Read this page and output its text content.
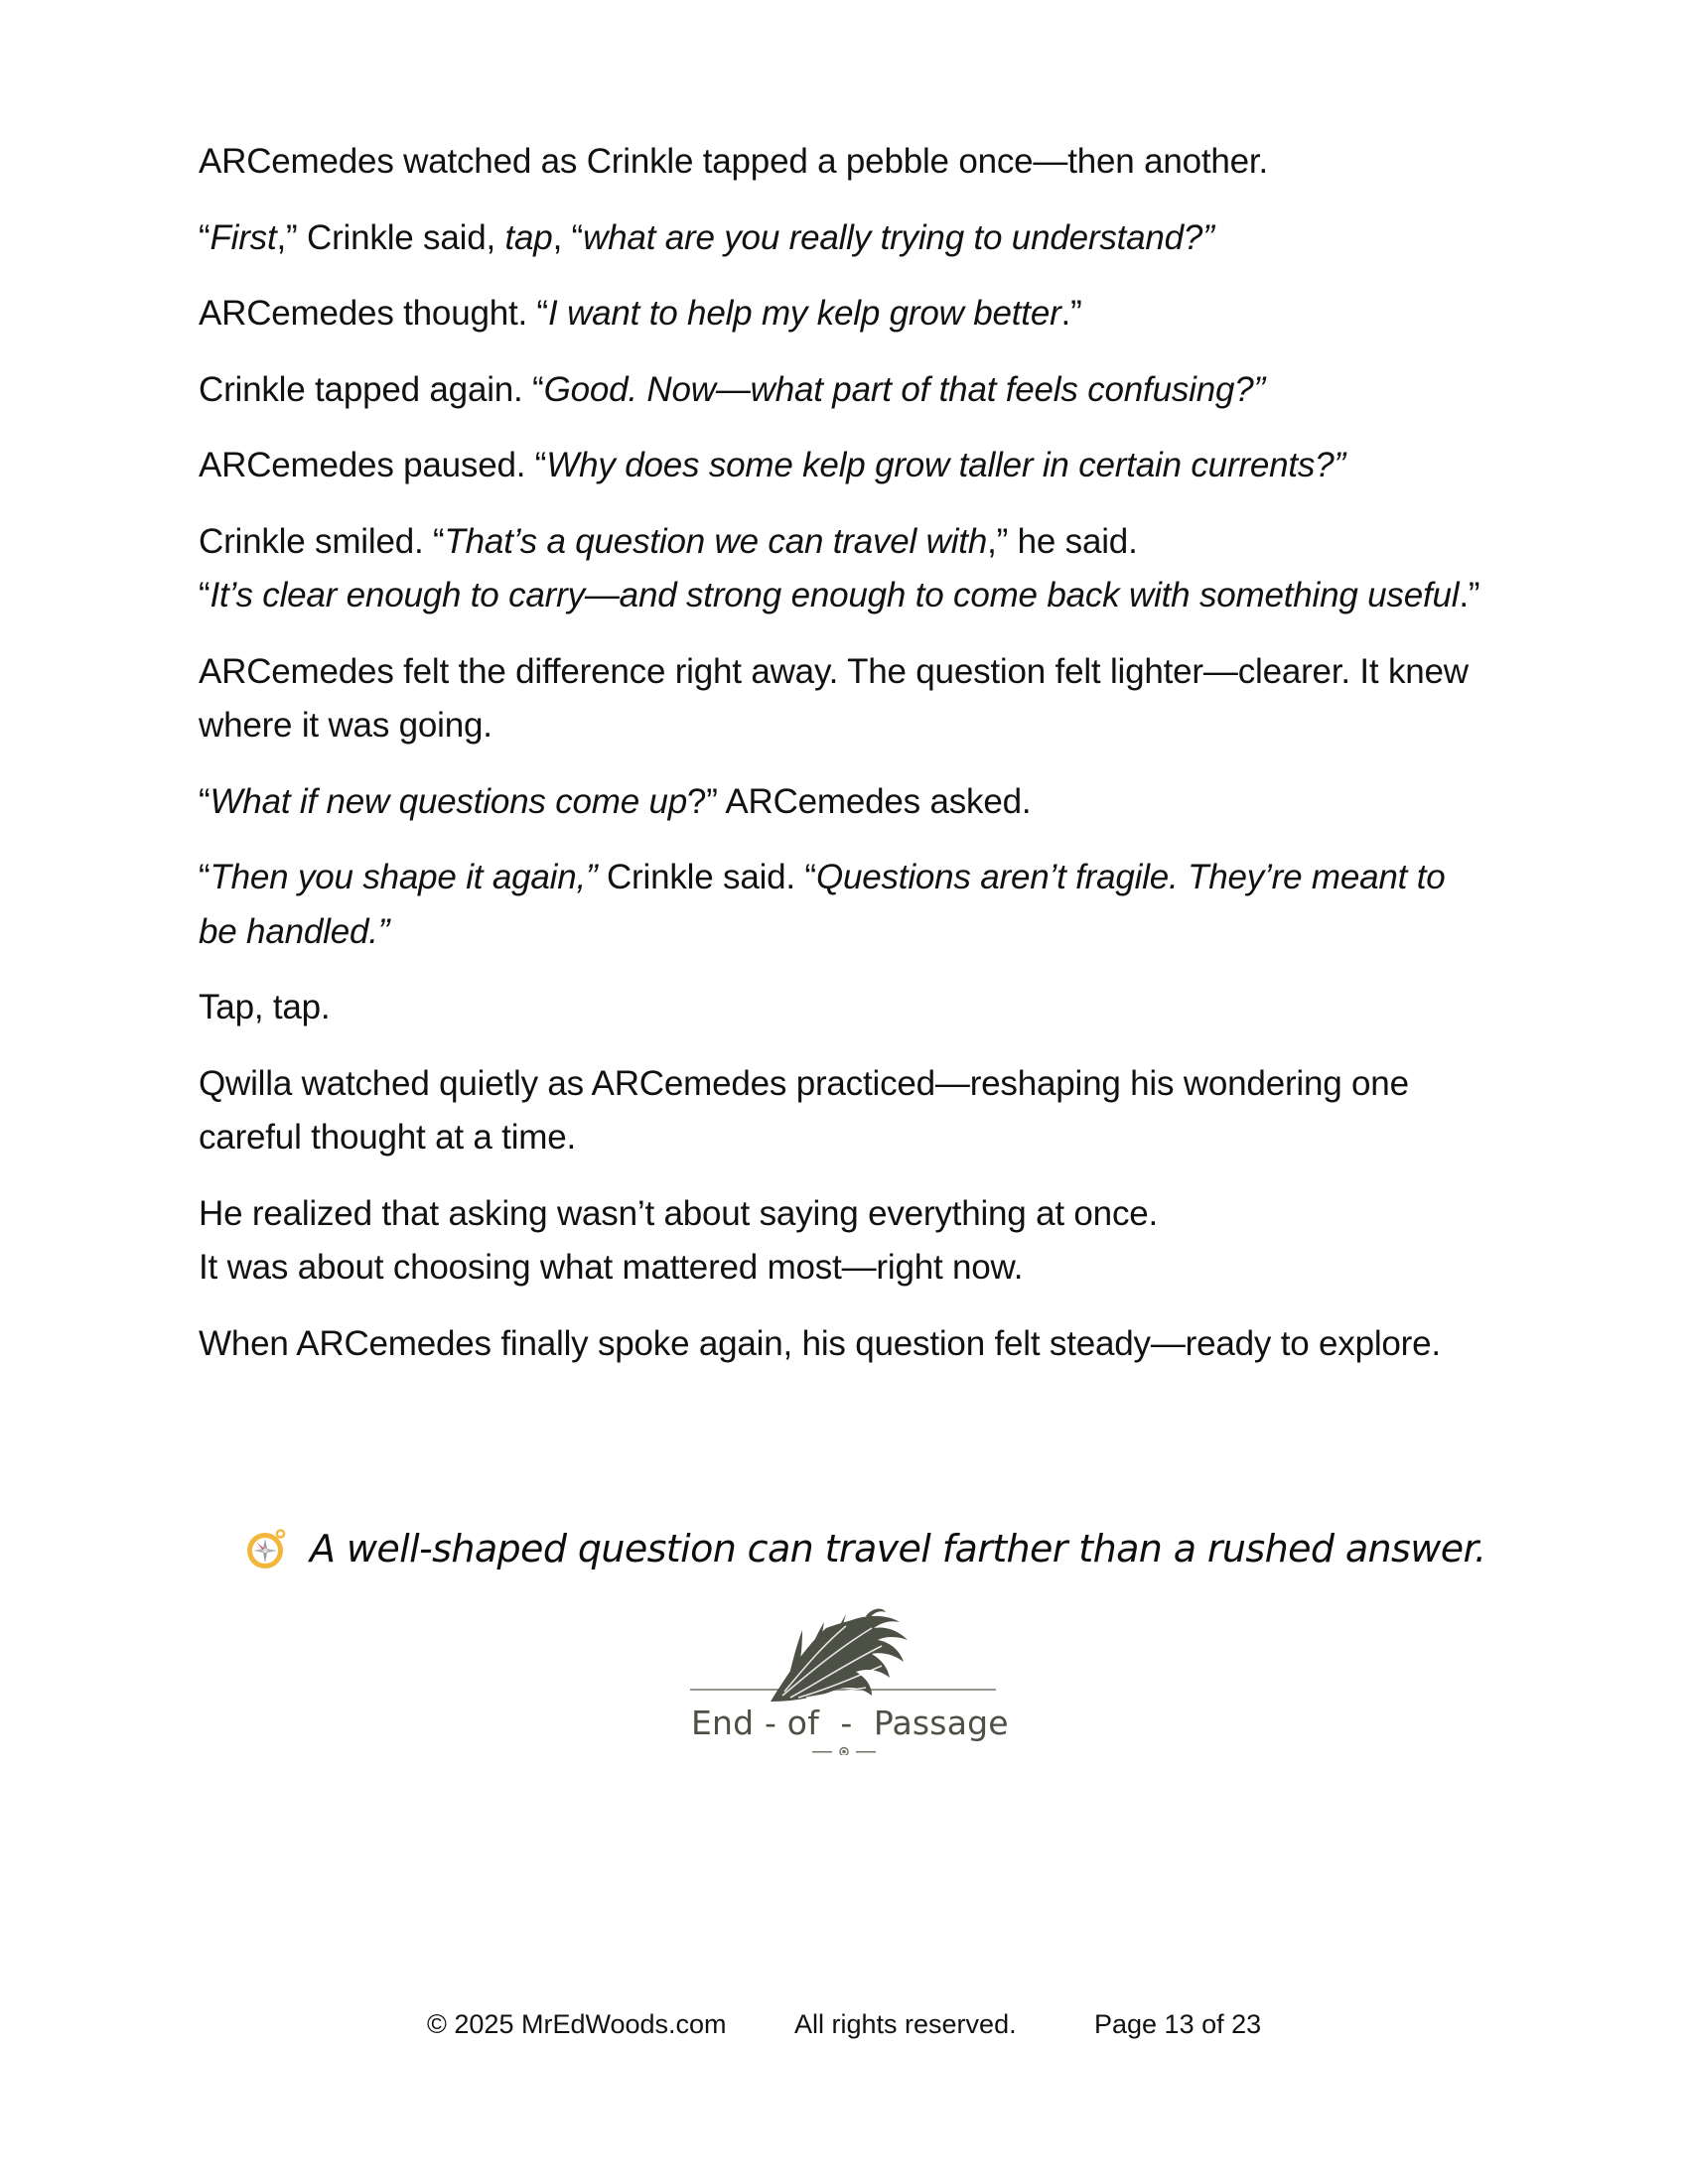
ARCemedes watched as Crinkle tapped a pebble once—then another.

“First,” Crinkle said, tap, “what are you really trying to understand?”

ARCemedes thought. “I want to help my kelp grow better.”

Crinkle tapped again. “Good. Now—what part of that feels confusing?”

ARCemedes paused. “Why does some kelp grow taller in certain currents?”

Crinkle smiled. “That’s a question we can travel with,” he said.
“It’s clear enough to carry—and strong enough to come back with something useful.”

ARCemedes felt the difference right away. The question felt lighter—clearer. It knew where it was going.

“What if new questions come up?” ARCemedes asked.

“Then you shape it again,” Crinkle said. “Questions aren’t fragile. They’re meant to be handled.”

Tap, tap.

Qwilla watched quietly as ARCemedes practiced—reshaping his wondering one careful thought at a time.

He realized that asking wasn’t about saying everything at once.
It was about choosing what mattered most—right now.

When ARCemedes finally spoke again, his question felt steady—ready to explore.

A well-shaped question can travel farther than a rushed answer.
End - of  -  Passage
© 2025 MrEdWoods.com	All rights reserved.	Page 13 of 23
